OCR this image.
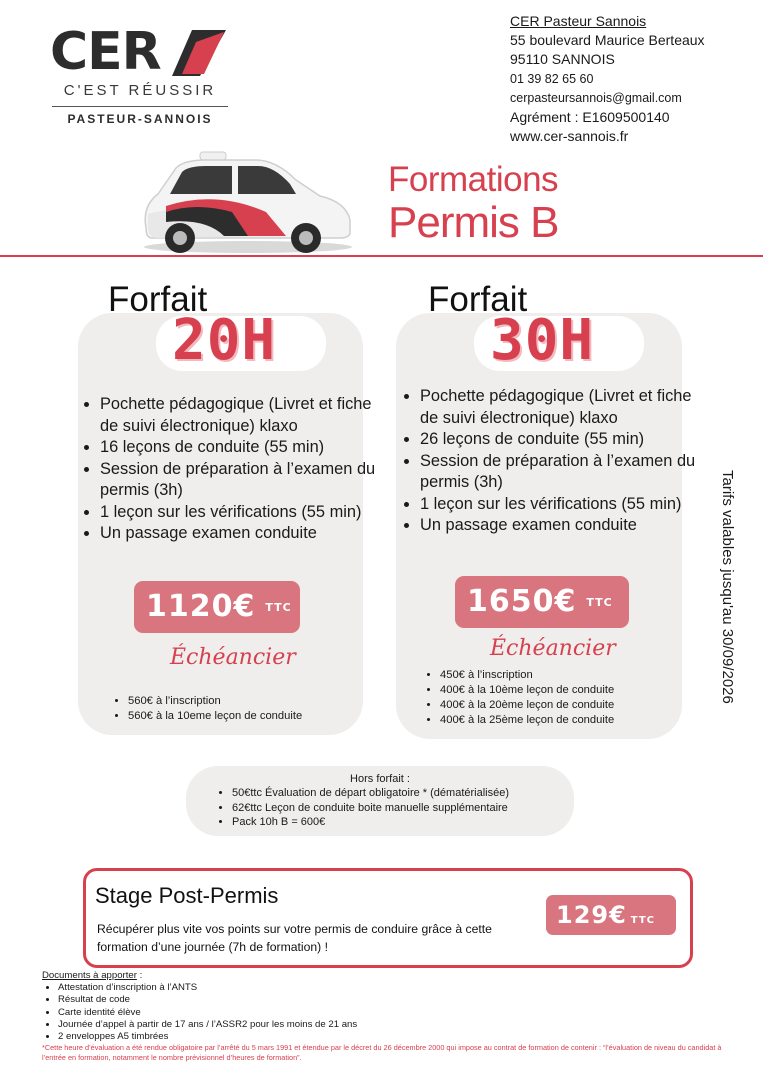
CER
C'EST RÉUSSIR
PASTEUR-SANNOIS
CER Pasteur Sannois
55 boulevard Maurice Berteaux
95110 SANNOIS
01 39 82 65 60
cerpasteursannois@gmail.com
Agrément : E1609500140
www.cer-sannois.fr
Formations
Permis B
Forfait
20H
• Pochette pédagogique (Livret et fiche de suivi électronique) klaxo
• 16 leçons de conduite (55 min)
• Session de préparation à l’examen du permis (3h)
• 1 leçon sur les vérifications (55 min)
• Un passage examen conduite
1120€ TTC
Échéancier
• 560€ à l’inscription
• 560€ à la 10eme leçon de conduite
Forfait
30H
• Pochette pédagogique (Livret et fiche de suivi électronique) klaxo
• 26 leçons de conduite (55 min)
• Session de préparation à l’examen du permis (3h)
• 1 leçon sur les vérifications (55 min)
• Un passage examen conduite
1650€ TTC
Échéancier
• 450€ à l’inscription
• 400€ à la 10ème leçon de conduite
• 400€ à la 20ème leçon de conduite
• 400€ à la 25ème leçon de conduite
Tarifs valables jusqu'au 30/09/2026
Hors forfait :
• 50€ttc Évaluation de départ obligatoire * (dématérialisée)
• 62€ttc Leçon de conduite boite manuelle supplémentaire
• Pack 10h B = 600€
Stage Post-Permis
Récupérer plus vite vos points sur votre permis de conduire grâce à cette formation d’une journée (7h de formation) !
129€ TTC
Documents à apporter :
• Attestation d’inscription à l’ANTS
• Résultat de code
• Carte identité élève
• Journée d’appel à partir de 17 ans / l’ASSR2 pour les moins de 21 ans
• 2 enveloppes A5 timbrées
*Cette heure d’évaluation a été rendue obligatoire par l’arrêté du 5 mars 1991 et étendue par le décret du 26 décembre 2000 qui impose au contrat de formation de contenir : “l’évaluation de niveau du candidat à l’entrée en formation, notamment le nombre prévisionnel d’heures de formation”.
